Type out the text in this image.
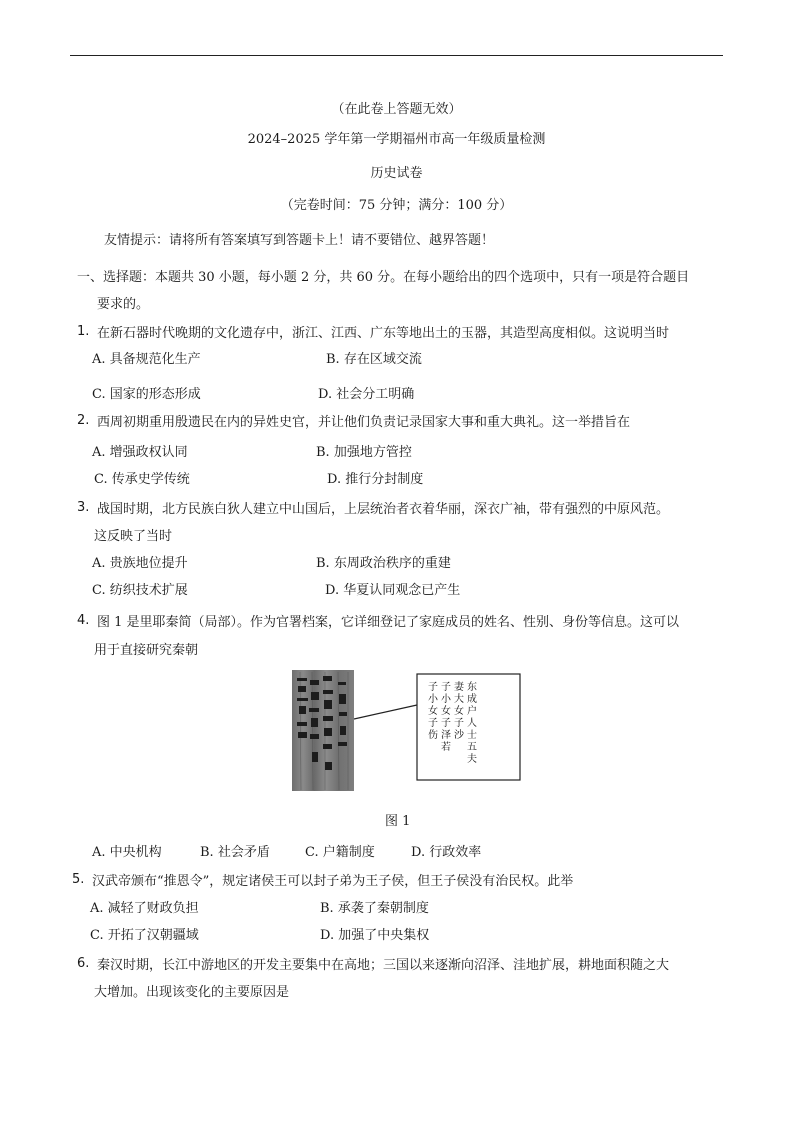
（在此卷上答题无效）
2024–2025 学年第一学期福州市高一年级质量检测
历史试卷
（完卷时间：75 分钟；满分：100 分）
友情提示：请将所有答案填写到答题卡上！请不要错位、越界答题！
一、选择题：本题共 30 小题，每小题 2 分，共 60 分。在每小题给出的四个选项中，只有一项是符合题目
要求的。
1. 在新石器时代晚期的文化遗存中，浙江、江西、广东等地出土的玉器，其造型高度相似。这说明当时
A. 具备规范化生产	B. 存在区域交流
C. 国家的形态形成	D. 社会分工明确
2. 西周初期重用殷遗民在内的异姓史官，并让他们负责记录国家大事和重大典礼。这一举措旨在
A. 增强政权认同	B. 加强地方管控
C. 传承史学传统	D. 推行分封制度
3. 战国时期，北方民族白狄人建立中山国后，上层统治者衣着华丽，深衣广袖，带有强烈的中原风范。
这反映了当时
A. 贵族地位提升	B. 东周政治秩序的重建
C. 纺织技术扩展	D. 华夏认同观念已产生
4. 图 1 是里耶秦简（局部）。作为官署档案，它详细登记了家庭成员的姓名、性别、身份等信息。这可以
用于直接研究秦朝
东成户人士五夫
妻大女子沙
子小女子泽若
子小女子伤
图 1
A. 中央机构	B. 社会矛盾	C. 户籍制度	D. 行政效率
5. 汉武帝颁布“推恩令”，规定诸侯王可以封子弟为王子侯，但王子侯没有治民权。此举
A. 减轻了财政负担	B. 承袭了秦朝制度
C. 开拓了汉朝疆域	D. 加强了中央集权
6. 秦汉时期，长江中游地区的开发主要集中在高地；三国以来逐渐向沼泽、洼地扩展，耕地面积随之大
大增加。出现该变化的主要原因是
